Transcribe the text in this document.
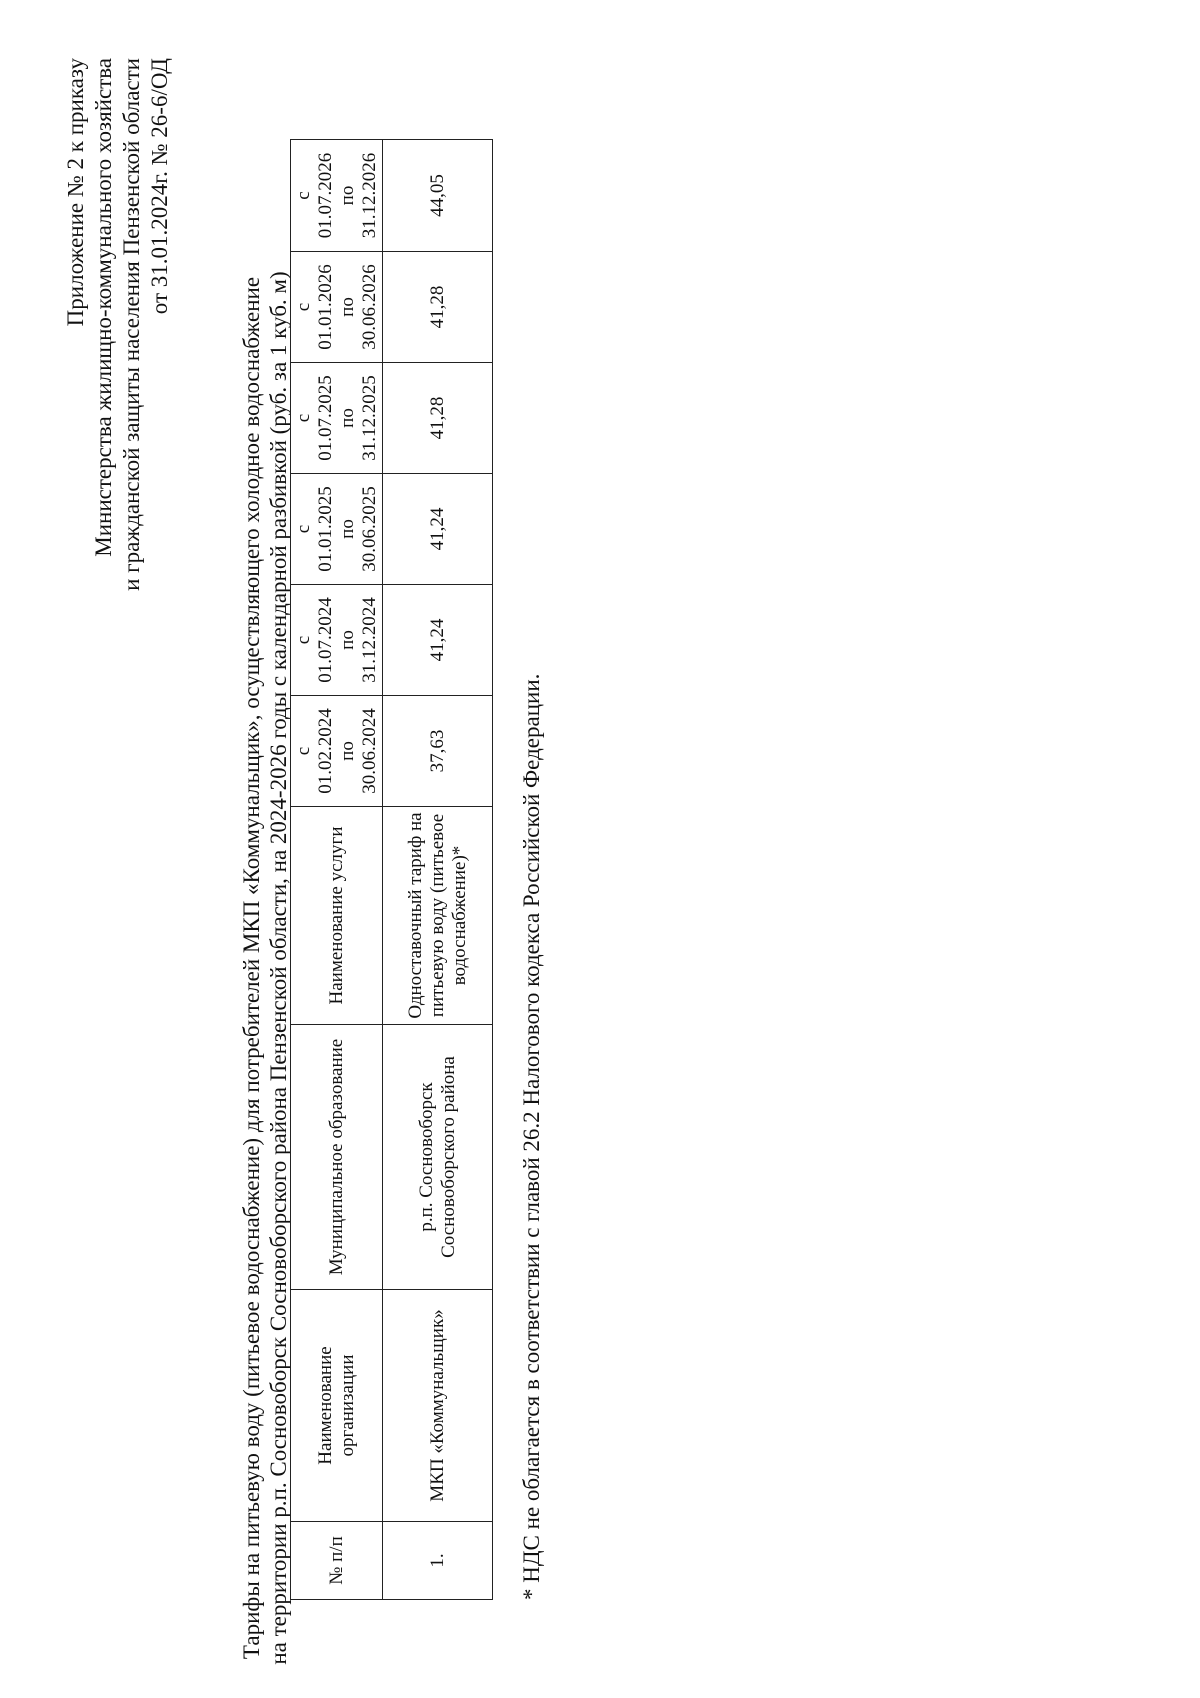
Приложение № 2 к приказу Министерства жилищно-коммунального хозяйства и гражданской защиты населения Пензенской области от 31.01.2024г. № 26-6/ОД
Тарифы на питьевую воду (питьевое водоснабжение) для потребителей МКП «Коммунальщик», осуществляющего холодное водоснабжение на территории р.п. Сосновоборск Сосновоборского района Пензенской области, на 2024-2026 годы с календарной разбивкой (руб. за 1 куб. м) № п/п	Наименование организации	Муниципальное образование	Наименование услуги	с 01.02.2024 по 30.06.2024	с 01.07.2024 по 31.12.2024	с 01.01.2025 по 30.06.2025	с 01.07.2025 по 31.12.2025	с 01.01.2026 по 30.06.2026	с 01.07.2026 по 31.12.2026

1.	МКП «Коммунальщик»	р.п. Сосновоборск Сосновоборского района	Одноставочный тариф на питьевую воду (питьевое водоснабжение)*	37,63	41,24	41,24	41,28	41,28	44,05
* НДС не облагается в соответствии с главой 26.2 Налогового кодекса Российской Федерации.
